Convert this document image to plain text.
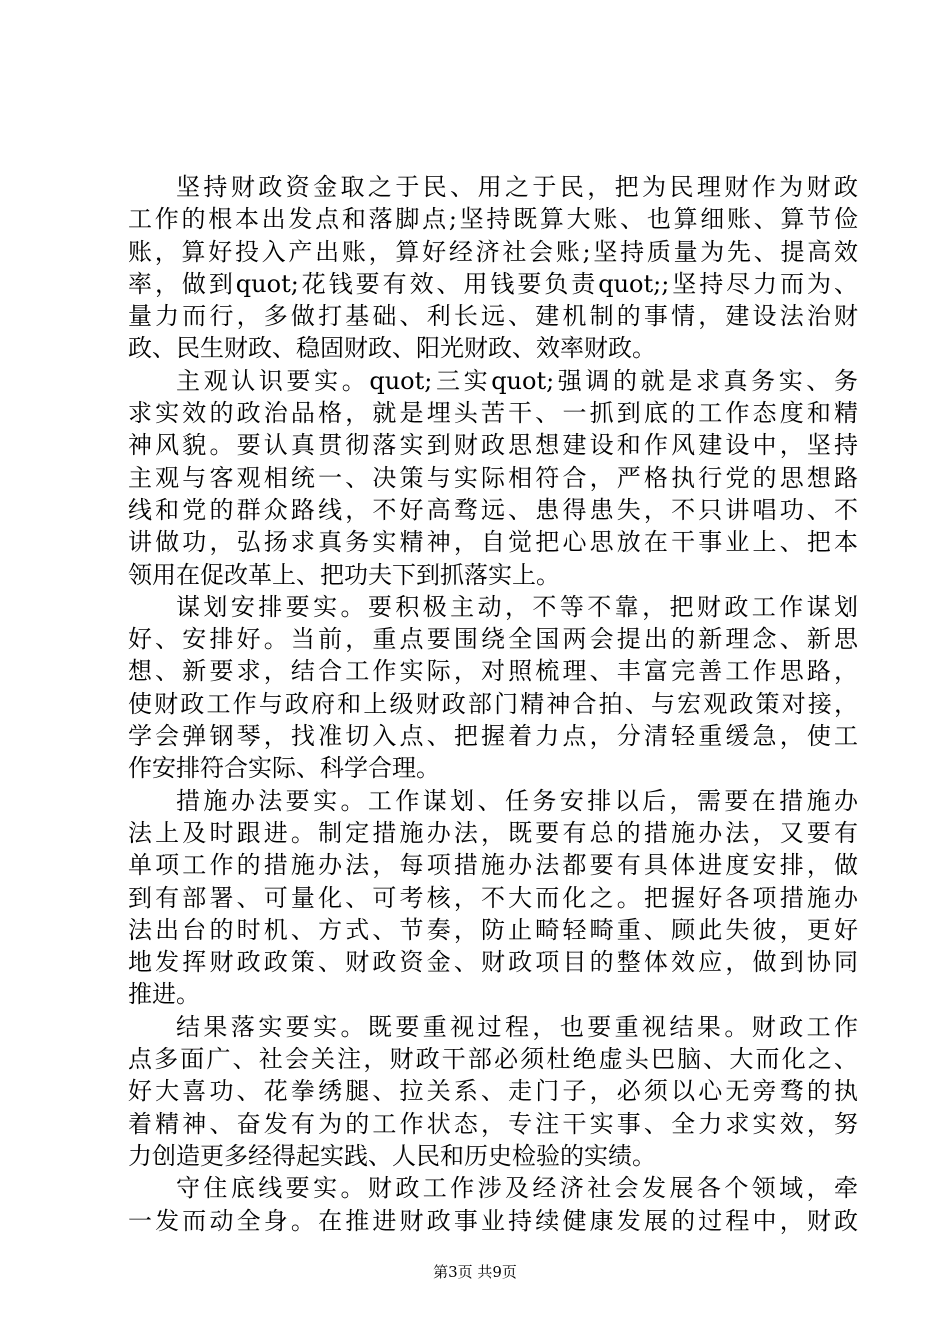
坚持财政资金取之于民、用之于民，把为民理财作为财政
工作的根本出发点和落脚点;坚持既算大账、也算细账、算节俭
账，算好投入产出账，算好经济社会账;坚持质量为先、提高效
率，做到quot;花钱要有效、用钱要负责quot;;坚持尽力而为、
量力而行，多做打基础、利长远、建机制的事情，建设法治财
政、民生财政、稳固财政、阳光财政、效率财政。
主观认识要实。quot;三实quot;强调的就是求真务实、务
求实效的政治品格，就是埋头苦干、一抓到底的工作态度和精
神风貌。要认真贯彻落实到财政思想建设和作风建设中，坚持
主观与客观相统一、决策与实际相符合，严格执行党的思想路
线和党的群众路线，不好高骛远、患得患失，不只讲唱功、不
讲做功，弘扬求真务实精神，自觉把心思放在干事业上、把本
领用在促改革上、把功夫下到抓落实上。
谋划安排要实。要积极主动，不等不靠，把财政工作谋划
好、安排好。当前，重点要围绕全国两会提出的新理念、新思
想、新要求，结合工作实际，对照梳理、丰富完善工作思路，
使财政工作与政府和上级财政部门精神合拍、与宏观政策对接，
学会弹钢琴，找准切入点、把握着力点，分清轻重缓急，使工
作安排符合实际、科学合理。
措施办法要实。工作谋划、任务安排以后，需要在措施办
法上及时跟进。制定措施办法，既要有总的措施办法，又要有
单项工作的措施办法，每项措施办法都要有具体进度安排，做
到有部署、可量化、可考核，不大而化之。把握好各项措施办
法出台的时机、方式、节奏，防止畸轻畸重、顾此失彼，更好
地发挥财政政策、财政资金、财政项目的整体效应，做到协同
推进。
结果落实要实。既要重视过程，也要重视结果。财政工作
点多面广、社会关注，财政干部必须杜绝虚头巴脑、大而化之、
好大喜功、花拳绣腿、拉关系、走门子，必须以心无旁骛的执
着精神、奋发有为的工作状态，专注干实事、全力求实效，努
力创造更多经得起实践、人民和历史检验的实绩。
守住底线要实。财政工作涉及经济社会发展各个领域，牵
一发而动全身。在推进财政事业持续健康发展的过程中，财政
第3页 共9页
